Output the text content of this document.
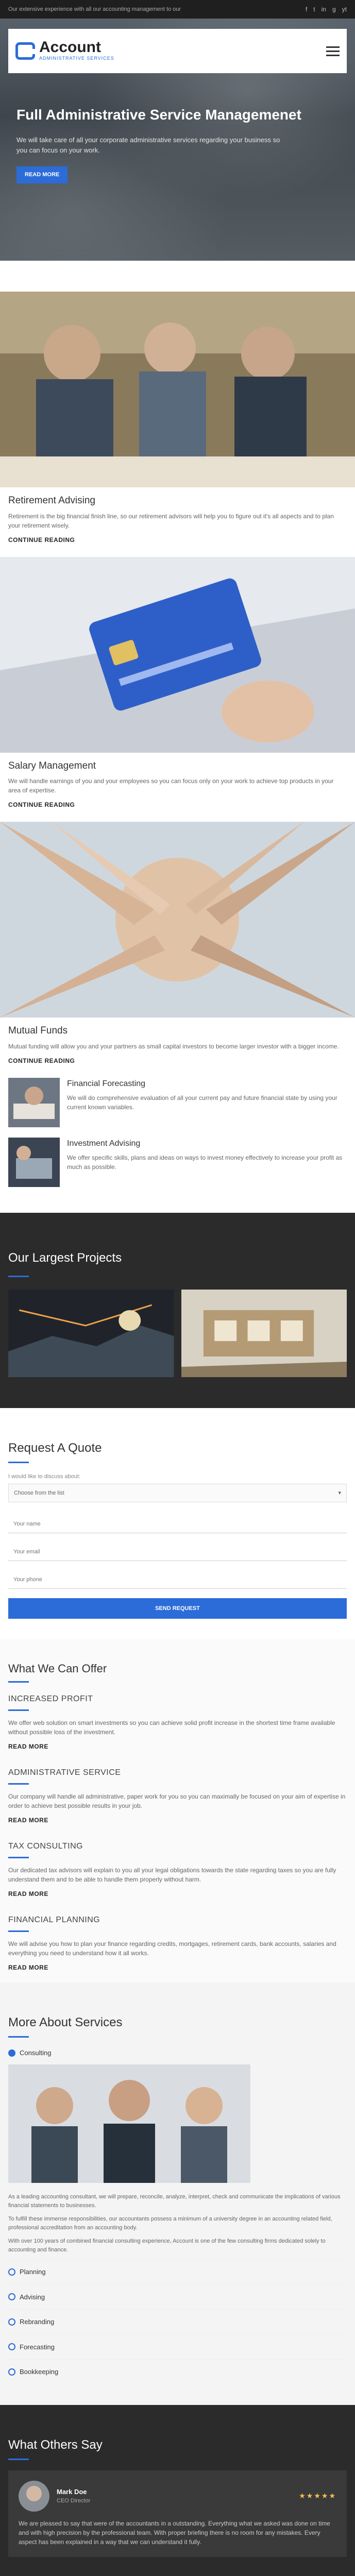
Our extensive experience with all our accounting management to our	f t in g yt
Account
ADMINISTRATIVE SERVICES
Full Administrative Service Managemenet

We will take care of all your corporate administrative services regarding your business so you can focus on your work.

READ MORE
Retirement Advising

Retirement is the big financial finish line, so our retirement advisors will help you to figure out it's all aspects and to plan your retirement wisely.

CONTINUE READING
Salary Management

We will handle earnings of you and your employees so you can focus only on your work to achieve top products in your area of expertise.

CONTINUE READING
Mutual Funds

Mutual funding will allow you and your partners as small capital investors to become larger investor with a bigger income.

CONTINUE READING
Financial Forecasting

We will do comprehensive evaluation of all your current pay and future financial state by using your current known variables.

Investment Advising

We offer specific skills, plans and ideas on ways to invest money effectively to increase your profit as much as possible.

Our Largest Projects
Request A Quote
I would like to discuss about:
Choose from the list	▾
Your name
Your email
Your phone
SEND REQUEST
What We Can Offer
INCREASED PROFIT

We offer web solution on smart investments so you can achieve solid profit increase in the shortest time frame available without possible loss of the investment.

READ MORE
ADMINISTRATIVE SERVICE

Our company will handle all administrative, paper work for you so you can maximally be focused on your aim of expertise in order to achieve best possible results in your job.

READ MORE
TAX CONSULTING

Our dedicated tax advisors will explain to you all your legal obligations towards the state regarding taxes so you are fully understand them and to be able to handle them properly without harm.

READ MORE
FINANCIAL PLANNING

We will advise you how to plan your finance regarding credits, mortgages, retirement cards, bank accounts, salaries and everything you need to understand how it all works.

READ MORE
More About Services
Consulting

As a leading accounting consultant, we will prepare, reconcile, analyze, interpret, check and communicate the implications of various financial statements to businesses.

To fulfill these immense responsibilities, our accountants possess a minimum of a university degree in an accounting related field, professional accreditation from an accounting body.

With over 100 years of combined financial consulting experience, Account is one of the few consulting firms dedicated solely to accounting and finance.

Planning
Advising
Rebranding
Forecasting
Bookkeeping
What Others Say
Mark Doe
CEO Director
★★★★★

We are pleased to say that were of the accountants in a outstanding. Everything what we asked was done on time and with high precision by the professional team. With proper briefing there is no room for any mistakes. Every aspect has been explained in a way that we can understand it fully.
